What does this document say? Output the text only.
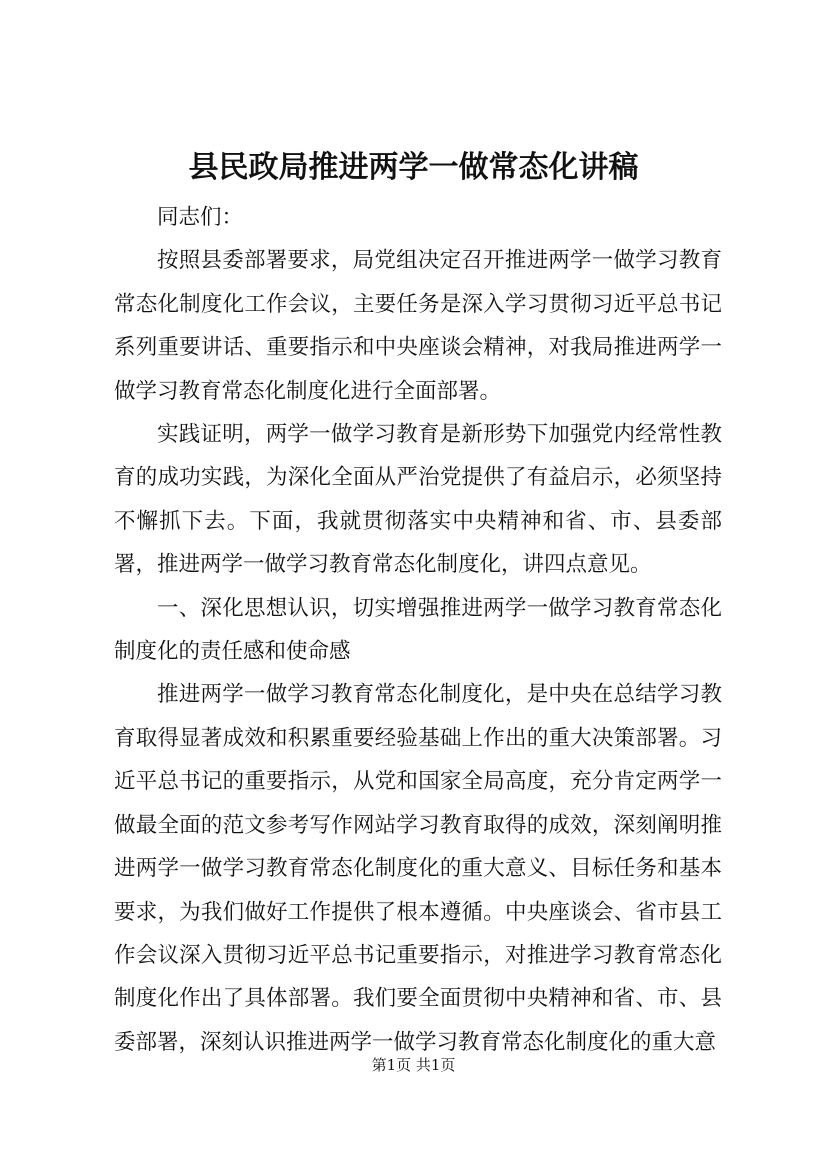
县民政局推进两学一做常态化讲稿

同志们：

按照县委部署要求，局党组决定召开推进两学一做学习教育常态化制度化工作会议，主要任务是深入学习贯彻习近平总书记系列重要讲话、重要指示和中央座谈会精神，对我局推进两学一做学习教育常态化制度化进行全面部署。

实践证明，两学一做学习教育是新形势下加强党内经常性教育的成功实践，为深化全面从严治党提供了有益启示，必须坚持不懈抓下去。下面，我就贯彻落实中央精神和省、市、县委部署，推进两学一做学习教育常态化制度化，讲四点意见。

一、深化思想认识，切实增强推进两学一做学习教育常态化制度化的责任感和使命感

推进两学一做学习教育常态化制度化，是中央在总结学习教育取得显著成效和积累重要经验基础上作出的重大决策部署。习近平总书记的重要指示，从党和国家全局高度，充分肯定两学一做最全面的范文参考写作网站学习教育取得的成效，深刻阐明推进两学一做学习教育常态化制度化的重大意义、目标任务和基本要求，为我们做好工作提供了根本遵循。中央座谈会、省市县工作会议深入贯彻习近平总书记重要指示，对推进学习教育常态化制度化作出了具体部署。我们要全面贯彻中央精神和省、市、县委部署，深刻认识推进两学一做学习教育常态化制度化的重大意

第1页 共1页
